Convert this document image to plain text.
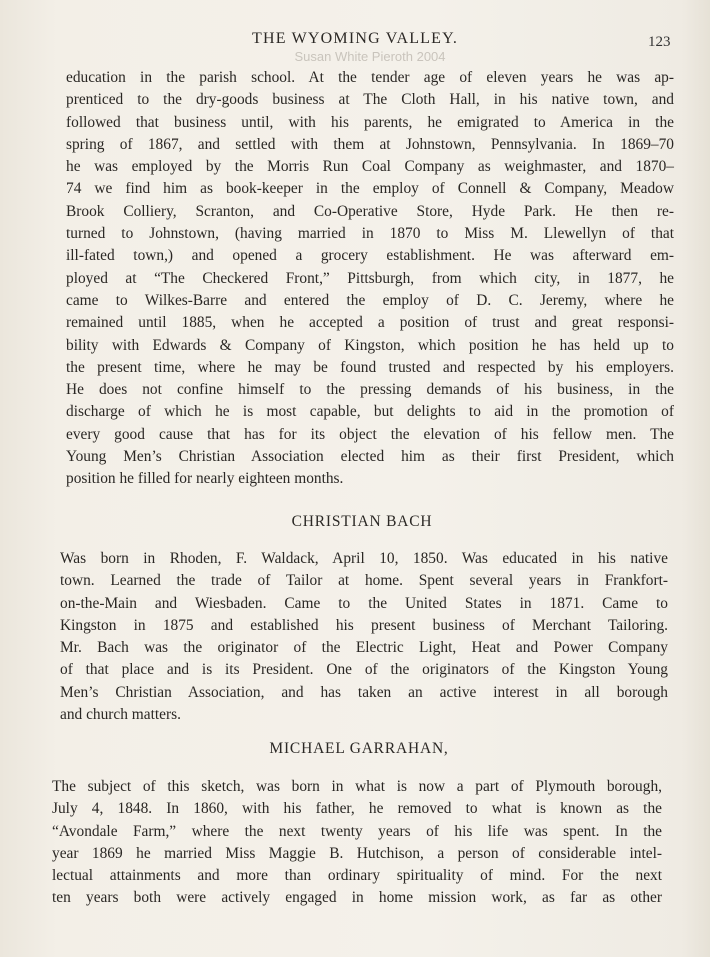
THE WYOMING VALLEY.	123
Susan White Pieroth 2004
education in the parish school. At the tender age of eleven years he was ap-
prenticed to the dry-goods business at The Cloth Hall, in his native town, and
followed that business until, with his parents, he emigrated to America in the
spring of 1867, and settled with them at Johnstown, Pennsylvania. In 1869–70
he was employed by the Morris Run Coal Company as weighmaster, and 1870–
74 we find him as book-keeper in the employ of Connell & Company, Meadow
Brook Colliery, Scranton, and Co-Operative Store, Hyde Park. He then re-
turned to Johnstown, (having married in 1870 to Miss M. Llewellyn of that
ill-fated town,) and opened a grocery establishment. He was afterward em-
ployed at “The Checkered Front,” Pittsburgh, from which city, in 1877, he
came to Wilkes-Barre and entered the employ of D. C. Jeremy, where he
remained until 1885, when he accepted a position of trust and great responsi-
bility with Edwards & Company of Kingston, which position he has held up to
the present time, where he may be found trusted and respected by his employers.
He does not confine himself to the pressing demands of his business, in the
discharge of which he is most capable, but delights to aid in the promotion of
every good cause that has for its object the elevation of his fellow men. The
Young Men’s Christian Association elected him as their first President, which
position he filled for nearly eighteen months.
CHRISTIAN BACH
Was born in Rhoden, F. Waldack, April 10, 1850. Was educated in his native
town. Learned the trade of Tailor at home. Spent several years in Frankfort-
on-the-Main and Wiesbaden. Came to the United States in 1871. Came to
Kingston in 1875 and established his present business of Merchant Tailoring.
Mr. Bach was the originator of the Electric Light, Heat and Power Company
of that place and is its President. One of the originators of the Kingston Young
Men’s Christian Association, and has taken an active interest in all borough
and church matters.
MICHAEL GARRAHAN,
The subject of this sketch, was born in what is now a part of Plymouth borough,
July 4, 1848. In 1860, with his father, he removed to what is known as the
“Avondale Farm,” where the next twenty years of his life was spent. In the
year 1869 he married Miss Maggie B. Hutchison, a person of considerable intel-
lectual attainments and more than ordinary spirituality of mind. For the next
ten years both were actively engaged in home mission work, as far as other
